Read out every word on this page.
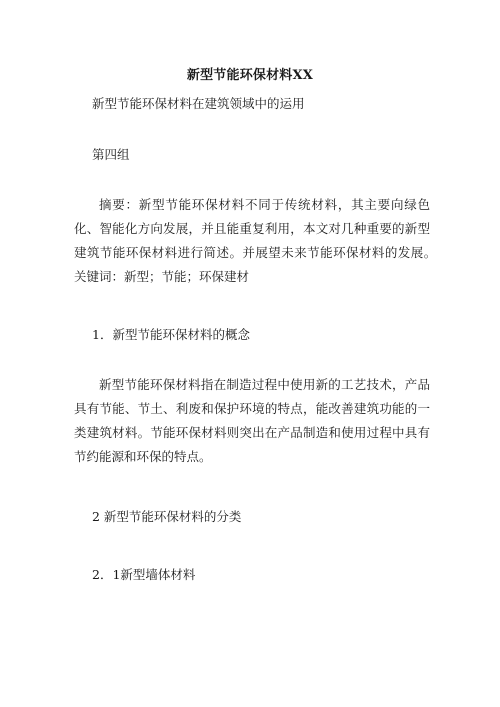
新型节能环保材料XX
新型节能环保材料在建筑领域中的运用
第四组
摘要：新型节能环保材料不同于传统材料，其主要向绿色化、智能化方向发展，并且能重复利用，本文对几种重要的新型建筑节能环保材料进行简述。并展望未来节能环保材料的发展。　关键词：新型；节能；环保建材
1．新型节能环保材料的概念
新型节能环保材料指在制造过程中使用新的工艺技术，产品具有节能、节土、利废和保护环境的特点，能改善建筑功能的一类建筑材料。节能环保材料则突出在产品制造和使用过程中具有节约能源和环保的特点。
2 新型节能环保材料的分类
2．1新型墙体材料
